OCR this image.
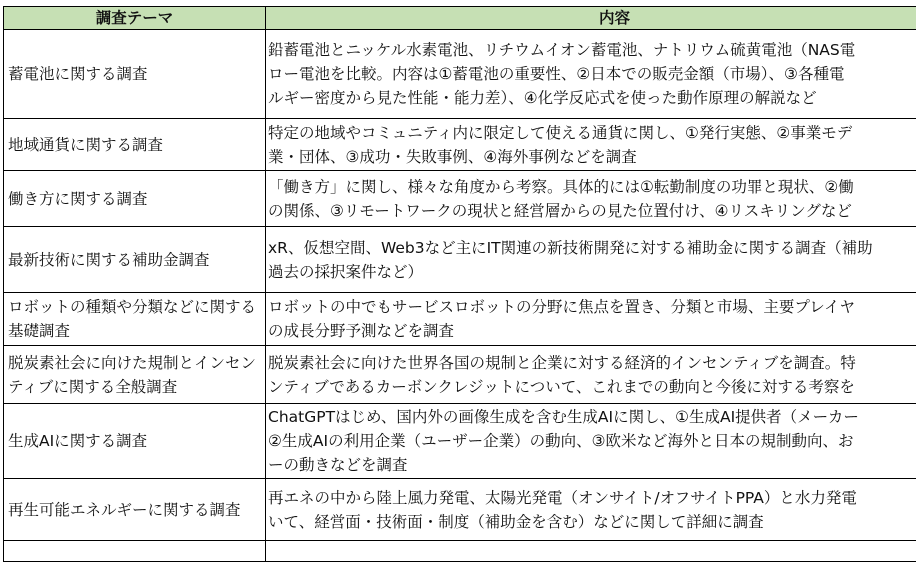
調査テーマ	内容
蓄電池に関する調査	鉛蓄電池とニッケル水素電池、リチウムイオン蓄電池、ナトリウム硫黄電池（NAS電
ロー電池を比較。内容は①蓄電池の重要性、②日本での販売金額（市場）、③各種電
ルギー密度から見た性能・能力差）、④化学反応式を使った動作原理の解説など

地域通貨に関する調査	特定の地域やコミュニティ内に限定して使える通貨に関し、①発行実態、②事業モデ
業・団体、③成功・失敗事例、④海外事例などを調査

働き方に関する調査	「働き方」に関し、様々な角度から考察。具体的には①転勤制度の功罪と現状、②働
の関係、③リモートワークの現状と経営層からの見た位置付け、④リスキリングなど

最新技術に関する補助金調査	xR、仮想空間、Web3など主にIT関連の新技術開発に対する補助金に関する調査（補助
過去の採択案件など）

ロボットの種類や分類などに関する基礎調査	ロボットの中でもサービスロボットの分野に焦点を置き、分類と市場、主要プレイヤ
の成長分野予測などを調査

脱炭素社会に向けた規制とインセンティブに関する全般調査	脱炭素社会に向けた世界各国の規制と企業に対する経済的インセンティブを調査。特
ンティブであるカーボンクレジットについて、これまでの動向と今後に対する考察を

生成AIに関する調査	ChatGPTはじめ、国内外の画像生成を含む生成AIに関し、①生成AI提供者（メーカー
②生成AIの利用企業（ユーザー企業）の動向、③欧米など海外と日本の規制動向、お
ーの動きなどを調査

再生可能エネルギーに関する調査	再エネの中から陸上風力発電、太陽光発電（オンサイト/オフサイトPPA）と水力発電
いて、経営面・技術面・制度（補助金を含む）などに関して詳細に調査
